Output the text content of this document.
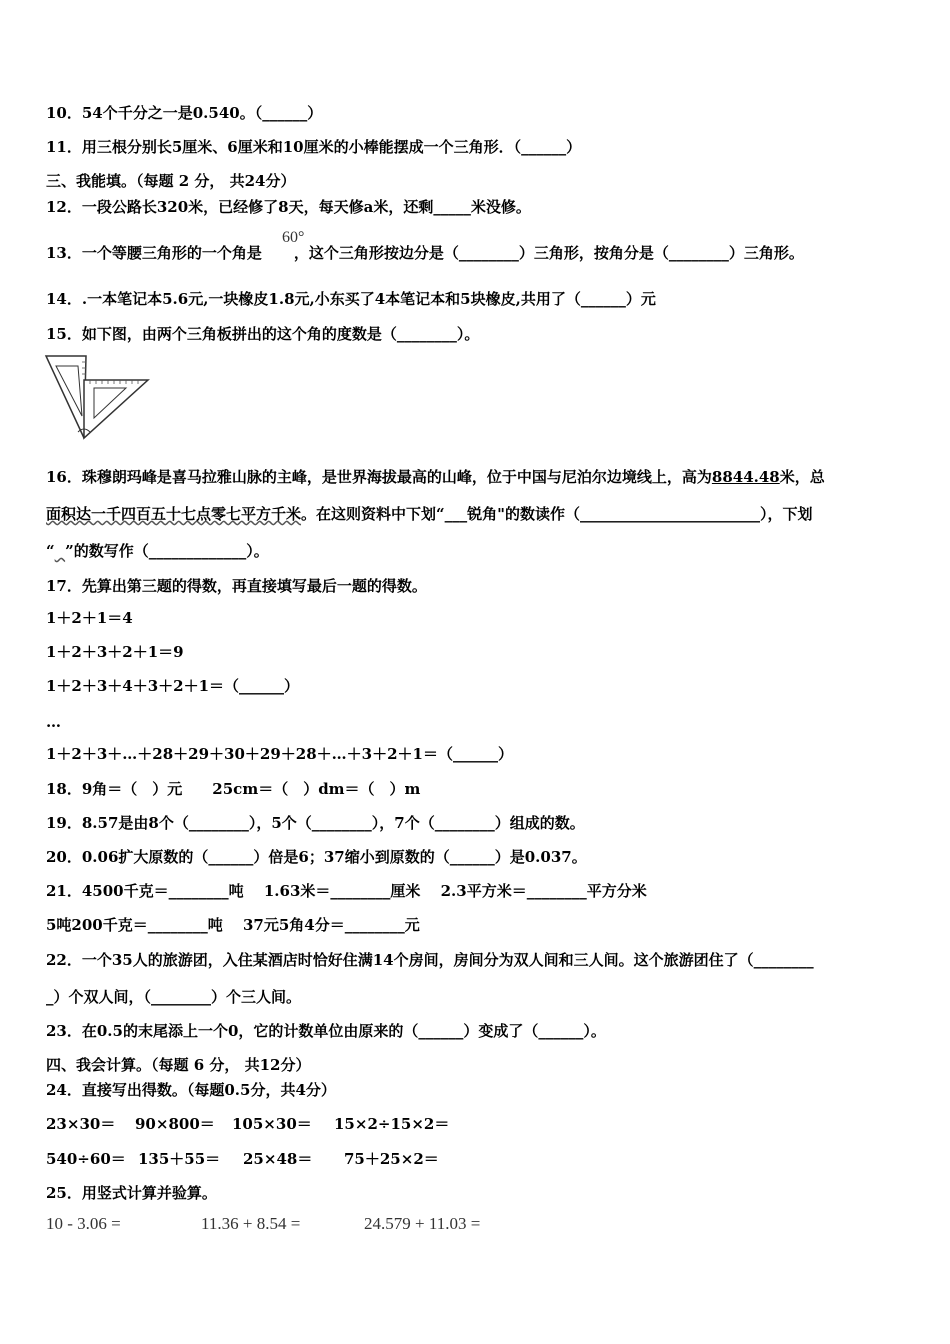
10．54个千分之一是0.540。（______）
11．用三根分别长5厘米、6厘米和10厘米的小棒能摆成一个三角形．（______）
三、我能填。（每题 2 分， 共24分）
12．一段公路长320米，已经修了8天，每天修a米，还剩_____米没修。
13．一个等腰三角形的一个角是 ，这个三角形按边分是（________）三角形，按角分是（________）三角形。
60°
14．.一本笔记本5.6元,一块橡皮1.8元,小东买了4本笔记本和5块橡皮,共用了（______）元
15．如下图，由两个三角板拼出的这个角的度数是（________）。
16．珠穆朗玛峰是喜马拉雅山脉的主峰，是世界海拔最高的山峰，位于中国与尼泊尔边境线上，高为8844.48米，总
面积达一千四百五十七点零七平方千米。在这则资料中下划“___锐角"的数读作（________________________），下划
“ ”的数写作（_____________）。
17．先算出第三题的得数，再直接填写最后一题的得数。
1＋2＋1＝4
1＋2＋3＋2＋1＝9
1＋2＋3＋4＋3＋2＋1＝（______）
…
1＋2＋3＋…＋28＋29＋30＋29＋28＋…＋3＋2＋1＝（______）
18．9角＝（　）元　　25cm＝（　）dm＝（　）m
19．8.57是由8个（________），5个（________），7个（________）组成的数。
20．0.06扩大原数的（______）倍是6；37缩小到原数的（______）是0.037。
21．4500千克＝________吨　 1.63米＝________厘米　 2.3平方米＝________平方分米
5吨200千克＝________吨　 37元5角4分＝________元
22．一个35人的旅游团，入住某酒店时恰好住满14个房间，房间分为双人间和三人间。这个旅游团住了（________
_）个双人间，（________）个三人间。
23．在0.5的末尾添上一个0，它的计数单位由原来的（______）变成了（______）。
四、我会计算。（每题 6 分， 共12分）
24．直接写出得数。（每题0.5分，共4分）
23×30＝ 90×800＝ 105×30＝ 15×2÷15×2＝
540÷60＝ 135＋55＝ 25×48＝ 75＋25×2＝
25．用竖式计算并验算。
10 - 3.06 =	11.36 + 8.54 =	24.579 + 11.03 =
